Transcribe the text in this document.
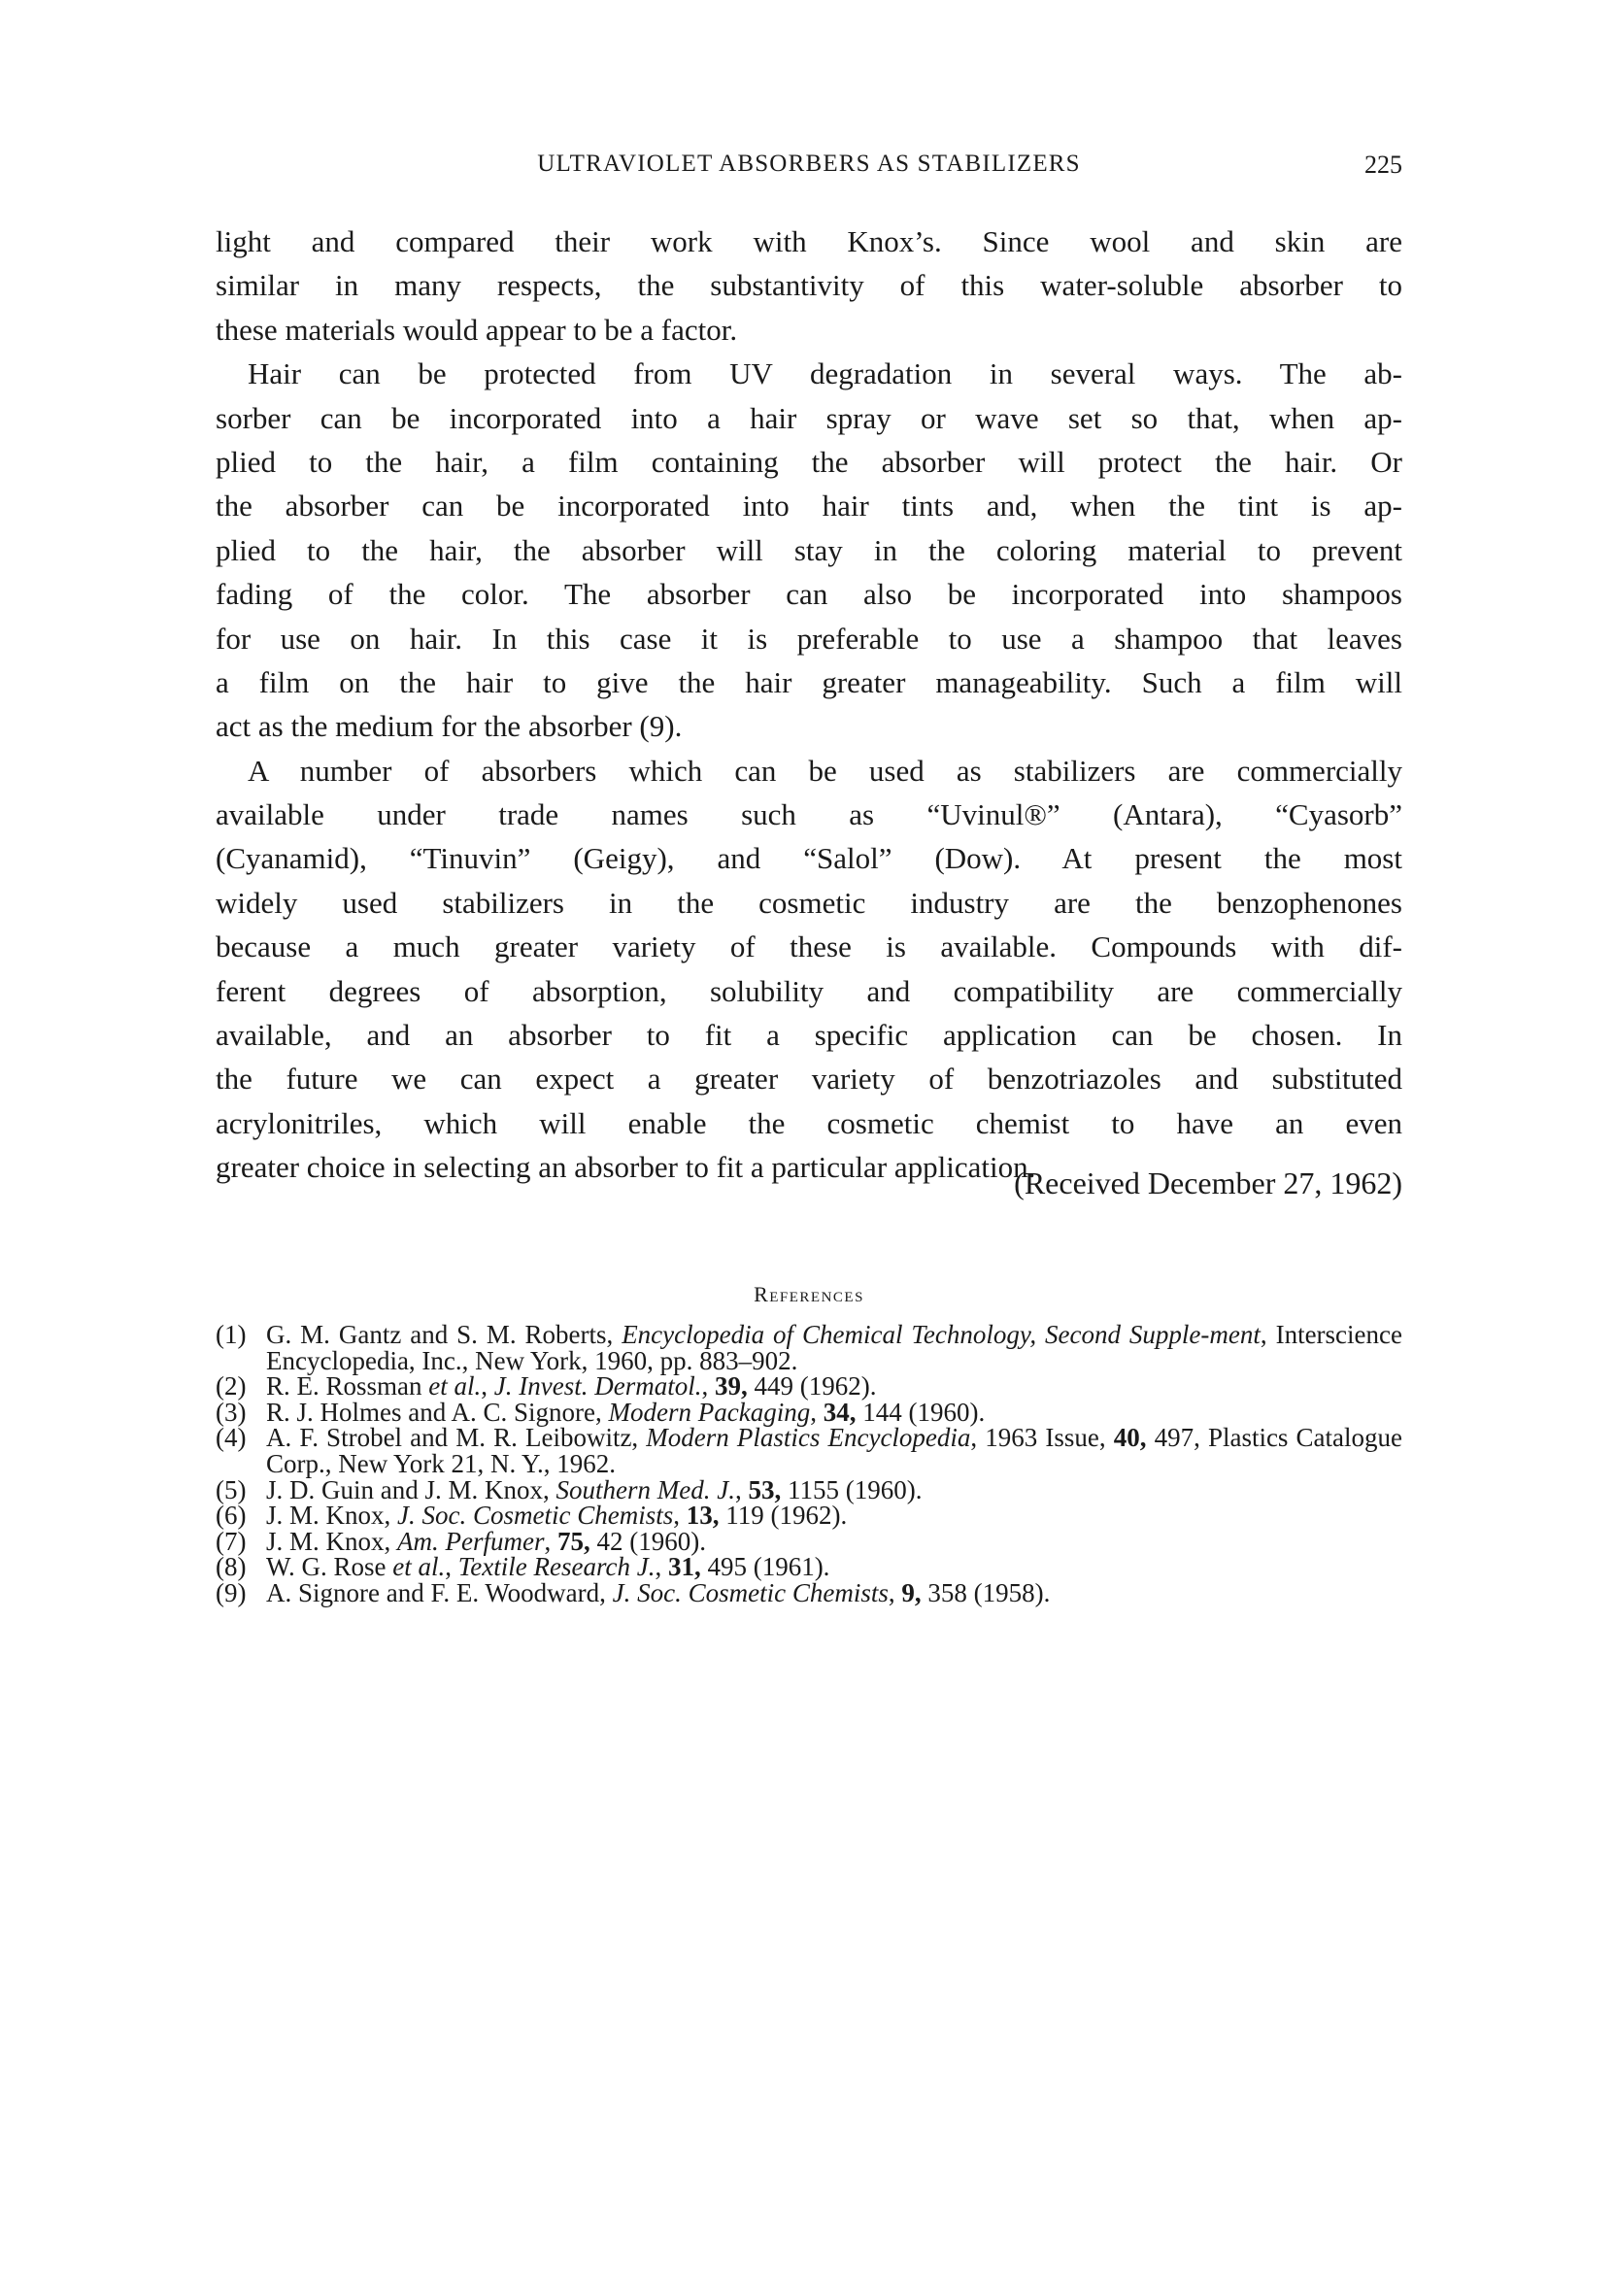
ULTRAVIOLET ABSORBERS AS STABILIZERS	225
light and compared their work with Knox’s. Since wool and skin are
similar in many respects, the substantivity of this water-soluble absorber to
these materials would appear to be a factor.
Hair can be protected from UV degradation in several ways. The ab-
sorber can be incorporated into a hair spray or wave set so that, when ap-
plied to the hair, a film containing the absorber will protect the hair. Or
the absorber can be incorporated into hair tints and, when the tint is ap-
plied to the hair, the absorber will stay in the coloring material to prevent
fading of the color. The absorber can also be incorporated into shampoos
for use on hair. In this case it is preferable to use a shampoo that leaves
a film on the hair to give the hair greater manageability. Such a film will
act as the medium for the absorber (9).
A number of absorbers which can be used as stabilizers are commercially
available under trade names such as “Uvinul®” (Antara), “Cyasorb”
(Cyanamid), “Tinuvin” (Geigy), and “Salol” (Dow). At present the most
widely used stabilizers in the cosmetic industry are the benzophenones
because a much greater variety of these is available. Compounds with dif-
ferent degrees of absorption, solubility and compatibility are commercially
available, and an absorber to fit a specific application can be chosen. In
the future we can expect a greater variety of benzotriazoles and substituted
acrylonitriles, which will enable the cosmetic chemist to have an even
greater choice in selecting an absorber to fit a particular application.
(Received December 27, 1962)
References
(1) G. M. Gantz and S. M. Roberts, Encyclopedia of Chemical Technology, Second Supple-ment, Interscience Encyclopedia, Inc., New York, 1960, pp. 883–902.
(2) R. E. Rossman et al., J. Invest. Dermatol., 39, 449 (1962).
(3) R. J. Holmes and A. C. Signore, Modern Packaging, 34, 144 (1960).
(4) A. F. Strobel and M. R. Leibowitz, Modern Plastics Encyclopedia, 1963 Issue, 40, 497, Plastics Catalogue Corp., New York 21, N. Y., 1962.
(5) J. D. Guin and J. M. Knox, Southern Med. J., 53, 1155 (1960).
(6) J. M. Knox, J. Soc. Cosmetic Chemists, 13, 119 (1962).
(7) J. M. Knox, Am. Perfumer, 75, 42 (1960).
(8) W. G. Rose et al., Textile Research J., 31, 495 (1961).
(9) A. Signore and F. E. Woodward, J. Soc. Cosmetic Chemists, 9, 358 (1958).
